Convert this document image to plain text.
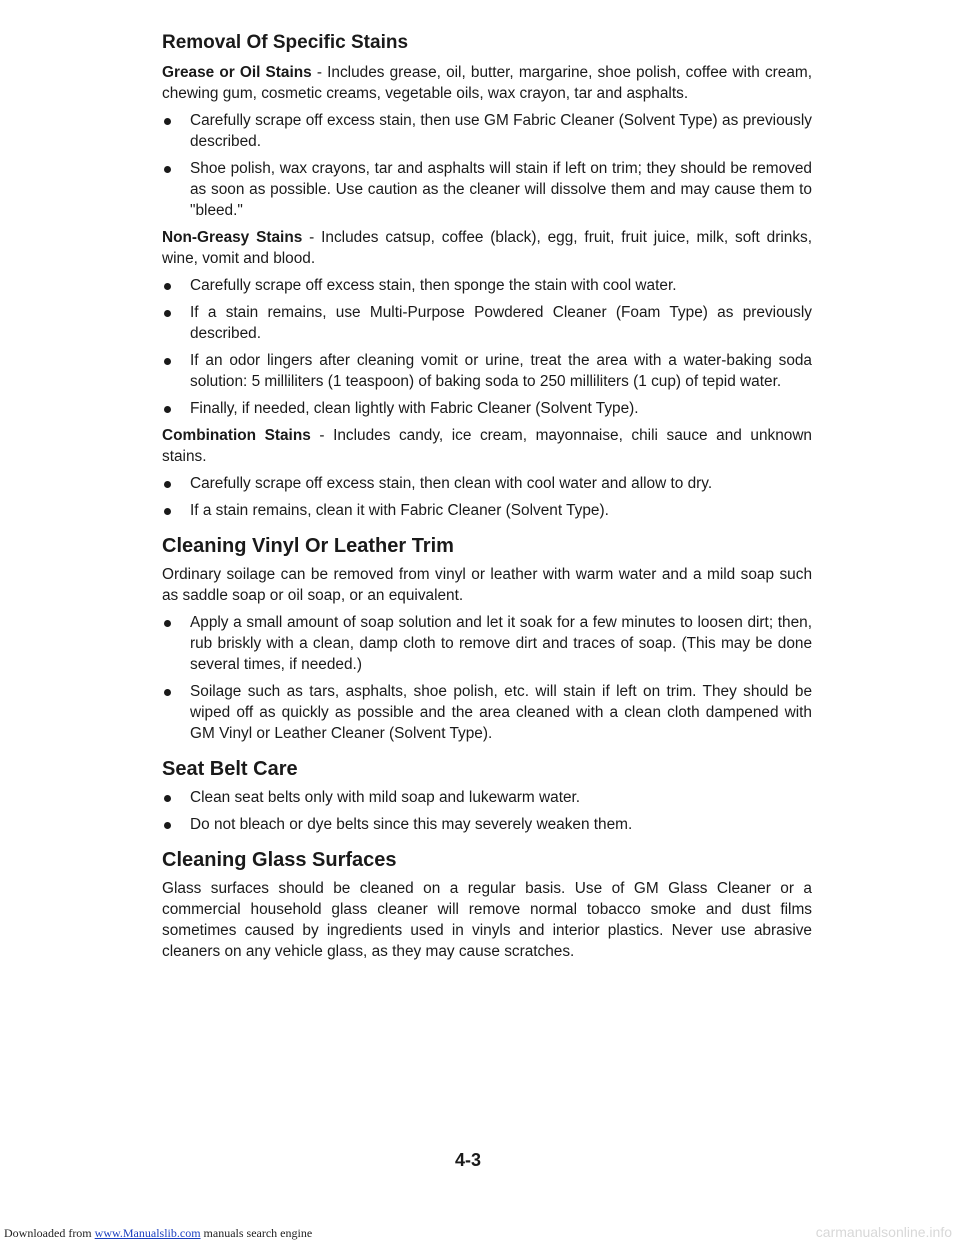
Removal Of Specific Stains

Grease or Oil Stains - Includes grease, oil, butter, margarine, shoe polish, coffee with cream, chewing gum, cosmetic creams, vegetable oils, wax crayon, tar and asphalts.

Carefully scrape off excess stain, then use GM Fabric Cleaner (Solvent Type) as previously described.
Shoe polish, wax crayons, tar and asphalts will stain if left on trim; they should be removed as soon as possible. Use caution as the cleaner will dissolve them and may cause them to "bleed."

Non-Greasy Stains - Includes catsup, coffee (black), egg, fruit, fruit juice, milk, soft drinks, wine, vomit and blood.

Carefully scrape off excess stain, then sponge the stain with cool water.
If a stain remains, use Multi-Purpose Powdered Cleaner (Foam Type) as previously described.
If an odor lingers after cleaning vomit or urine, treat the area with a water-baking soda solution: 5 milliliters (1 teaspoon) of baking soda to 250 milliliters (1 cup) of tepid water.
Finally, if needed, clean lightly with Fabric Cleaner (Solvent Type).

Combination Stains - Includes candy, ice cream, mayonnaise, chili sauce and unknown stains.

Carefully scrape off excess stain, then clean with cool water and allow to dry.
If a stain remains, clean it with Fabric Cleaner (Solvent Type).
Cleaning Vinyl Or Leather Trim

Ordinary soilage can be removed from vinyl or leather with warm water and a mild soap such as saddle soap or oil soap, or an equivalent.

Apply a small amount of soap solution and let it soak for a few minutes to loosen dirt; then, rub briskly with a clean, damp cloth to remove dirt and traces of soap. (This may be done several times, if needed.)
Soilage such as tars, asphalts, shoe polish, etc. will stain if left on trim. They should be wiped off as quickly as possible and the area cleaned with a clean cloth dampened with GM Vinyl or Leather Cleaner (Solvent Type).
Seat Belt Care
Clean seat belts only with mild soap and lukewarm water.
Do not bleach or dye belts since this may severely weaken them.
Cleaning Glass Surfaces

Glass surfaces should be cleaned on a regular basis. Use of GM Glass Cleaner or a commercial household glass cleaner will remove normal tobacco smoke and dust films sometimes caused by ingredients used in vinyls and interior plastics. Never use abrasive cleaners on any vehicle glass, as they may cause scratches.

4-3
Downloaded from www.Manualslib.com manuals search engine	carmanualsonline.info
